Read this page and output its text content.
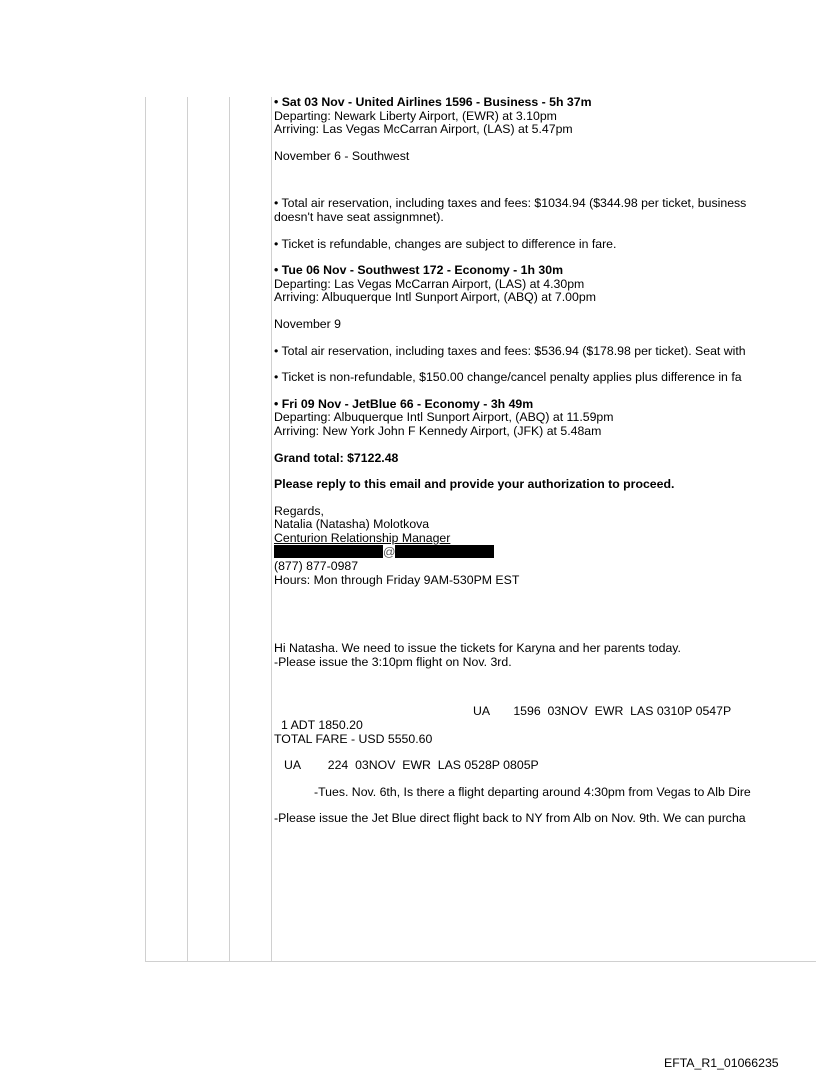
• Sat 03 Nov - United Airlines 1596 - Business - 5h 37m

Departing: Newark Liberty Airport, (EWR) at 3.10pm

Arriving: Las Vegas McCarran Airport, (LAS) at 5.47pm

November 6 - Southwest

• Total air reservation, including taxes and fees: $1034.94 ($344.98 per ticket, business

doesn't have seat assignmnet).

• Ticket is refundable, changes are subject to difference in fare.

• Tue 06 Nov - Southwest 172 - Economy - 1h 30m

Departing: Las Vegas McCarran Airport, (LAS) at 4.30pm

Arriving: Albuquerque Intl Sunport Airport, (ABQ) at 7.00pm

November 9

• Total air reservation, including taxes and fees: $536.94 ($178.98 per ticket). Seat with

• Ticket is non-refundable, $150.00 change/cancel penalty applies plus difference in fa

• Fri 09 Nov - JetBlue 66 - Economy - 3h 49m

Departing: Albuquerque Intl Sunport Airport, (ABQ) at 11.59pm

Arriving: New York John F Kennedy Airport, (JFK) at 5.48am

Grand total: $7122.48

Please reply to this email and provide your authorization to proceed.

Regards,

Natalia (Natasha) Molotkova

Centurion Relationship Manager

@

(877) 877-0987

Hours: Mon through Friday 9AM-530PM EST

Hi Natasha. We need to issue the tickets for Karyna and her parents today.

-Please issue the 3:10pm flight on Nov. 3rd.

UA       1596  03NOV  EWR  LAS 0310P 0547P

1 ADT 1850.20

TOTAL FARE - USD 5550.60

UA        224  03NOV  EWR  LAS 0528P 0805P

-Tues. Nov. 6th, Is there a flight departing around 4:30pm from Vegas to Alb Dire

-Please issue the Jet Blue direct flight back to NY from Alb on Nov. 9th. We can purcha

EFTA_R1_01066235
